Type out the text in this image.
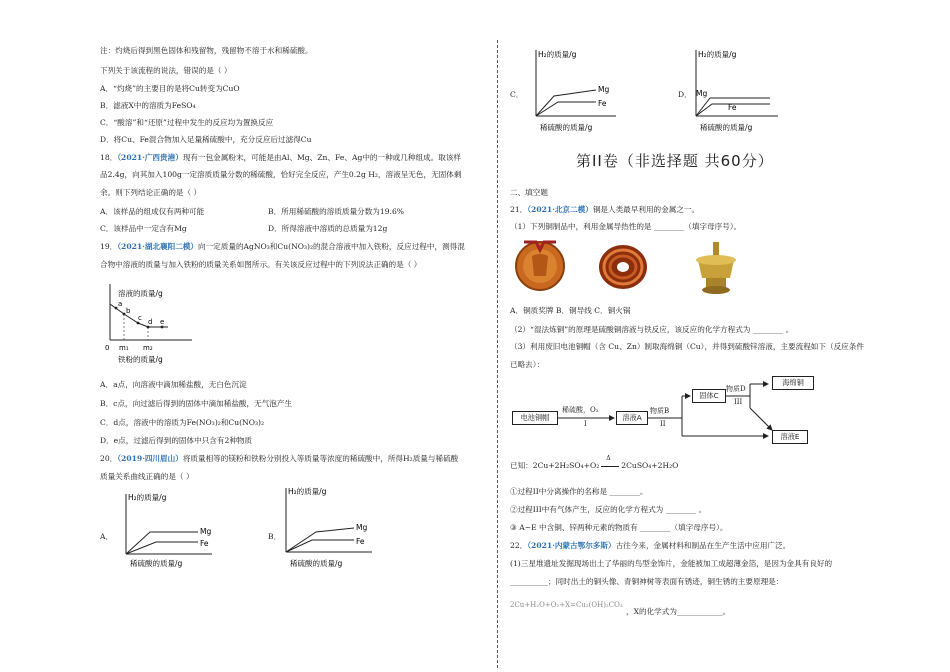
注：灼烧后得到黑色固体和残留物，残留物不溶于水和稀硫酸。
下列关于该流程的说法，错误的是（ ）
A．“灼烧”的主要目的是将Cu转变为CuO
B．滤液X中的溶质为FeSO₄
C．“酸溶”和“还原”过程中发生的反应均为置换反应
D．将Cu、Fe混合物加入足量稀硫酸中，充分反应后过滤得Cu
18．（2021·广西贵港）现有一包金属粉末，可能是由Al、Mg、Zn、Fe、Ag中的一种或几种组成。取该样
品2.4g，向其加入100g一定溶质质量分数的稀硫酸，恰好完全反应，产生0.2g H₂，溶液呈无色，无固体剩
余。则下列结论正确的是（ ）
A．该样品的组成仅有两种可能	B．所用稀硫酸的溶质质量分数为19.6%
C．该样品中一定含有Mg	D．所得溶液中溶质的总质量为12g
19．（2021·湖北襄阳二模）向一定质量的AgNO₃和Cu(NO₃)₂的混合溶液中加入铁粉，反应过程中，测得混
合物中溶液的质量与加入铁粉的质量关系如图所示。有关该反应过程中的下列说法正确的是（ ）
溶液的质量/g
a
b
c d e
0 m₁ m₂
铁粉的质量/g
A．a点，向溶液中滴加稀盐酸，无白色沉淀
B．c点，向过滤后得到的固体中滴加稀盐酸，无气泡产生
C．d点，溶液中的溶质为Fe(NO₃)₂和Cu(NO₃)₂
D．e点，过滤后得到的固体中只含有2种物质
20．（2019·四川眉山）将质量相等的镁粉和铁粉分别投入等质量等浓度的稀硫酸中，所得H₂质量与稀硫酸
质量关系曲线正确的是（ ）
A．
H₂的质量/g
Mg
Fe
稀硫酸的质量/g
B．
H₂的质量/g
Mg
Fe
稀硫酸的质量/g
C．
H₂的质量/g
Mg
Fe
稀硫酸的质量/g
D．
H₂的质量/g
Mg
Fe
稀硫酸的质量/g
第II卷（非选择题 共60分）
二、填空题
21．（2021·北京二模）铜是人类最早利用的金属之一。
（1）下列铜制品中，利用金属导热性的是 ________（填字母序号）。
A．铜质奖牌 B．铜导线 C．铜火锅
（2）“湿法炼铜”的原理是硫酸铜溶液与铁反应，该反应的化学方程式为 ________ 。
（3）利用废旧电池铜帽（含 Cu、Zn）制取海绵铜（Cu），并得到硫酸锌溶液，主要流程如下（反应条件
已略去）：
电池铜帽
稀硫酸，O₂
I
溶液A
物质B
II
固体C
物质D
III
海绵铜
溶液E
已知：2Cu+2H₂SO₄+O₂
Δ
2CuSO₄+2H₂O
①过程II中分离操作的名称是 ________。
②过程III中有气体产生，反应的化学方程式为 ________ 。
③ A~E 中含铜、锌两种元素的物质有 ________（填字母序号）。
22．（2021·内蒙古鄂尔多斯）古往今来，金属材料和制品在生产生活中应用广泛。
(1)三星堆遗址发掘现场出土了华丽的鸟型金饰片，金能被加工成超薄金箔，是因为金具有良好的
__________；同时出土的铜头像、青铜神树等表面有锈迹，铜生锈的主要原理是：
2Cu+H₂O+O₂+X=Cu₂(OH)₂CO₃
，X的化学式为____________。
